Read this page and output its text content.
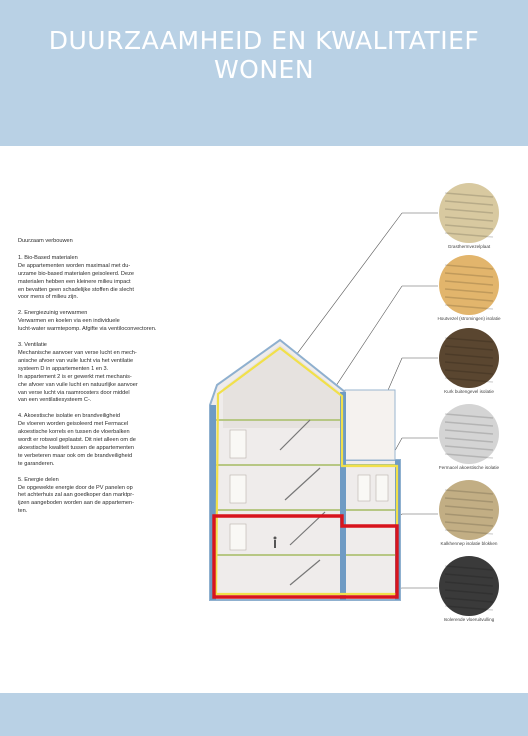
DUURZAAMHEID EN KWALITATIEF WONEN

Duurzaam verbouwen

1. Bio-Based materialen

De appartementen worden maximaal met du-

urzame bio-based materialen geisoleerd. Deze

materialen hebben een kleinere milieu impact

en bevatten geen schadelijke stoffen die slecht

voor mens of milieu zijn.

2. Energiezuinig verwarmen

Verwarmen en koelen via een individuele

lucht-water warmtepomp. Afgifte via ventiloconvectoren.

3. Ventilatie

Mechanische aanvoer van verse lucht en mech-

anische afvoer van vuile lucht via het ventilatie

systeem D in appartementen 1 en 3.

In appartement 2 is er gewerkt met mechanis-

che afvoer van vuile lucht en natuurlijke aanvoer

van verse lucht via raamroosters door middel

van een ventilatiesysteem C-.

4. Akoestische isolatie en brandveiligheid

De vloeren worden geisoleerd met Fermacel

akoestische korrels en tussen de vloerbalken

wordt er rotswol geplaatst. Dit niet alleen om de

akoestische kwaliteit tussen de appartementen

te verbeteren maar ook om de brandveiligheid

te garanderen.

5. Energie delen

De opgewekte energie door de PV panelen op

het achterhuis zal aan goedkoper dan marktpr-

ijzen aangeboden worden aan de appartemen-

ten.

Grasthermvezelplaat
Houtvezel (stromingen) isolatie
Kurk buitengevel isolatie
Fermacel akoestische isolatie
Kalkhennep isolatie blokken
Isolerende vloeruitvulling
